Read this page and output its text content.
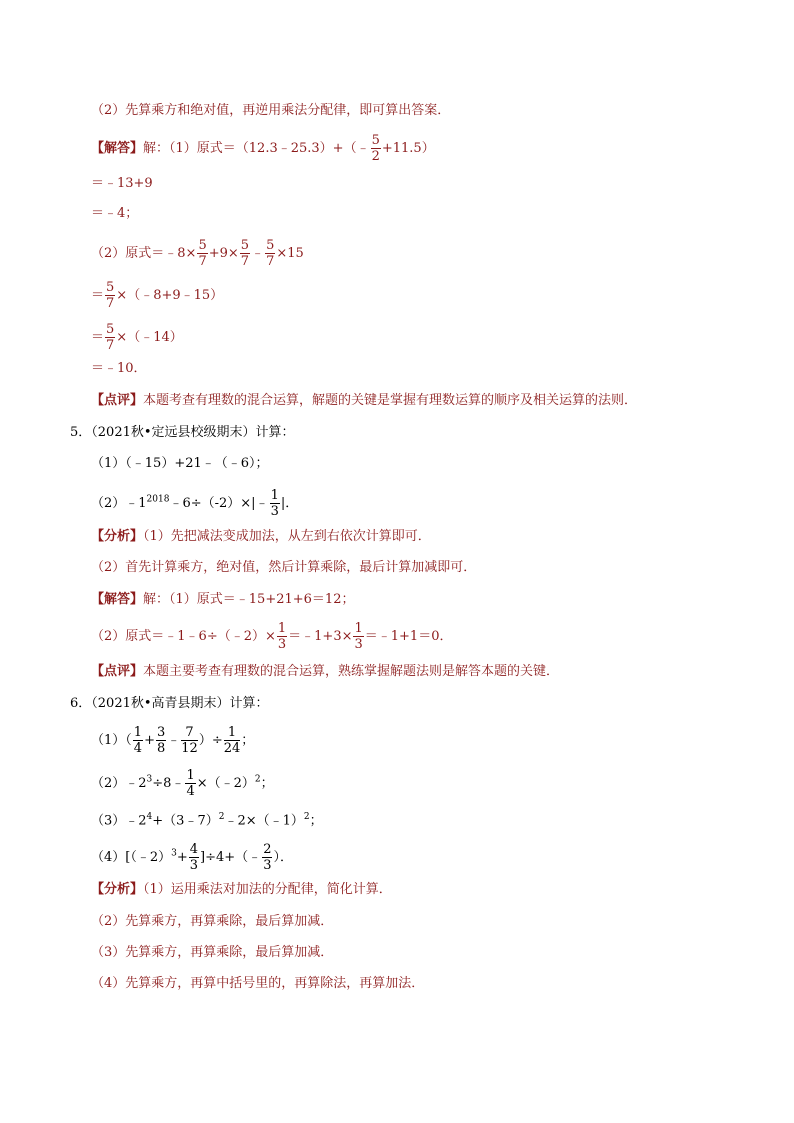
（2）先算乘方和绝对值，再逆用乘法分配律，即可算出答案．
【解答】解：（1）原式＝（12.3﹣25.3）+（﹣ $\frac{5}{2} +11.5$）
＝﹣13+9
＝﹣4；
（2）原式＝﹣8× $\frac{5}{7} +9\times \frac{5}{7}$ ﹣ $\frac{5}{7} \times 15$
＝ $\frac{5}{7}$ ×（﹣8+9﹣15）
＝ $\frac{5}{7}$ ×（﹣14）
＝﹣10．
【点评】本题考查有理数的混合运算，解题的关键是掌握有理数运算的顺序及相关运算的法则．
5．（2021秋•定远县校级期末）计算：
（1）（﹣15）+21﹣（﹣6）；
$(2)﹣1^{2018}﹣6\div(-2)\times|﹣ \frac{1}{3}$ |．
【分析】（1）先把减法变成加法，从左到右依次计算即可．
（2）首先计算乘方，绝对值，然后计算乘除，最后计算加减即可．
【解答】解：（1）原式＝﹣15+21+6＝12；
（2）原式＝﹣1﹣6÷（﹣2）× $\frac{1}{3}$ ＝﹣1+3× $\frac{1}{3}$ ＝﹣1+1＝0．
【点评】本题主要考查有理数的混合运算，熟练掌握解题法则是解答本题的关键．
6．（2021秋•高青县期末）计算：
$(1)( \frac{1}{4} + \frac{3}{8}$ ﹣ $\frac{7}{12}$ ）÷ $\frac{1}{24}$ ；
$(2)﹣2^3\div 8﹣ \frac{1}{4}$ ×（﹣2）$^2$；
$(3)﹣2^4+(3﹣7)^2﹣2\times(﹣1)^2$；
（4）[（﹣2）$^3$+ $\frac{4}{3}$ ]÷4+（﹣ $\frac{2}{3}$ ）．
【分析】（1）运用乘法对加法的分配律，简化计算．
（2）先算乘方，再算乘除，最后算加减．
（3）先算乘方，再算乘除，最后算加减．
（4）先算乘方，再算中括号里的，再算除法，再算加法．
